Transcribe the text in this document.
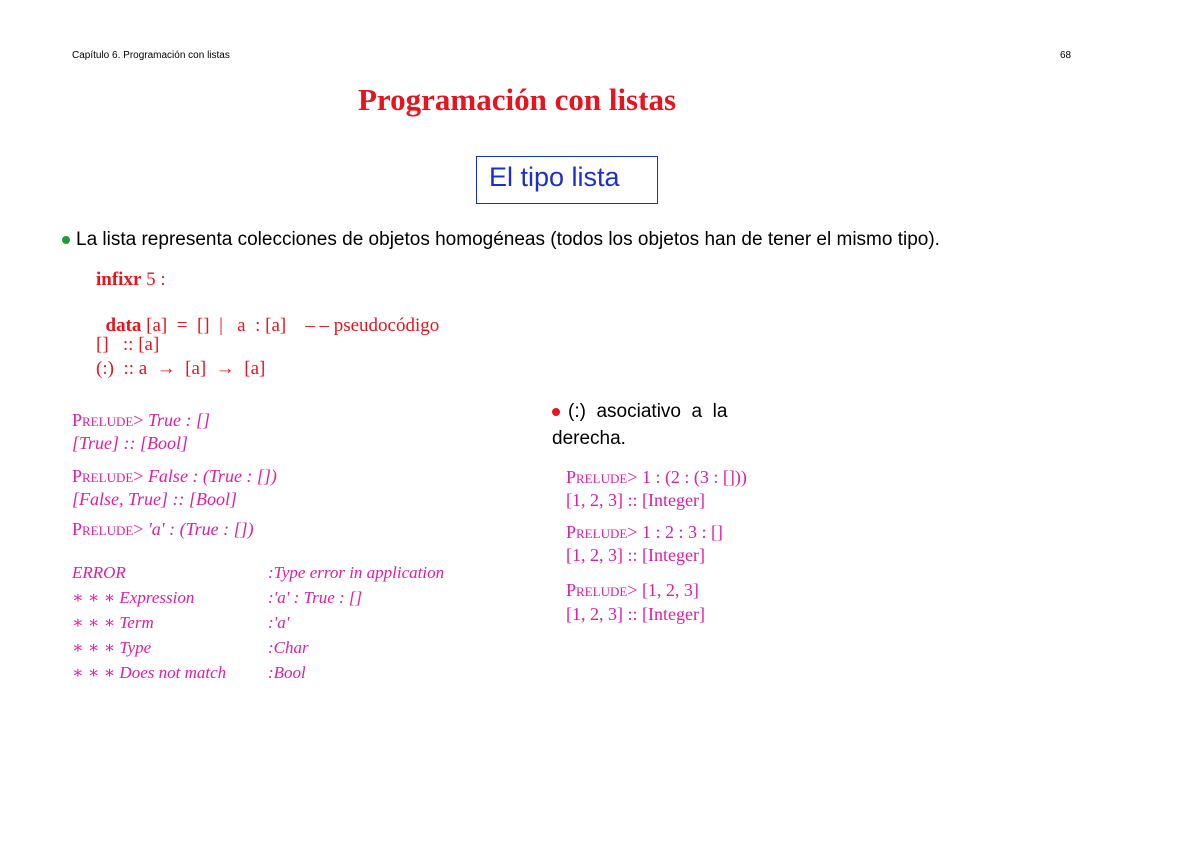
Capítulo 6. Programación con listas	68
Programación con listas
El tipo lista
La lista representa colecciones de objetos homogéneas (todos los objetos han de tener el mismo tipo).
infixr 5 :

data [a]  =  []  |   a  : [a]    – – pseudocódigo

[]   :: [a]
(:)  :: a  →  [a]  →  [a]
Prelude> True : []
[True] :: [Bool]
Prelude> False : (True : [])
[False, True] :: [Bool]
Prelude> 'a' : (True : [])
ERROR	:Type error in application
∗ ∗ ∗ Expression	:'a' : True : []
∗ ∗ ∗ Term	:'a'
∗ ∗ ∗ Type	:Char
∗ ∗ ∗ Does not match :Bool
(:)  asociativo  a  la
derecha.
Prelude> 1 : (2 : (3 : []))
[1, 2, 3] :: [Integer]
Prelude> 1 : 2 : 3 : []
[1, 2, 3] :: [Integer]
Prelude> [1, 2, 3]
[1, 2, 3] :: [Integer]
